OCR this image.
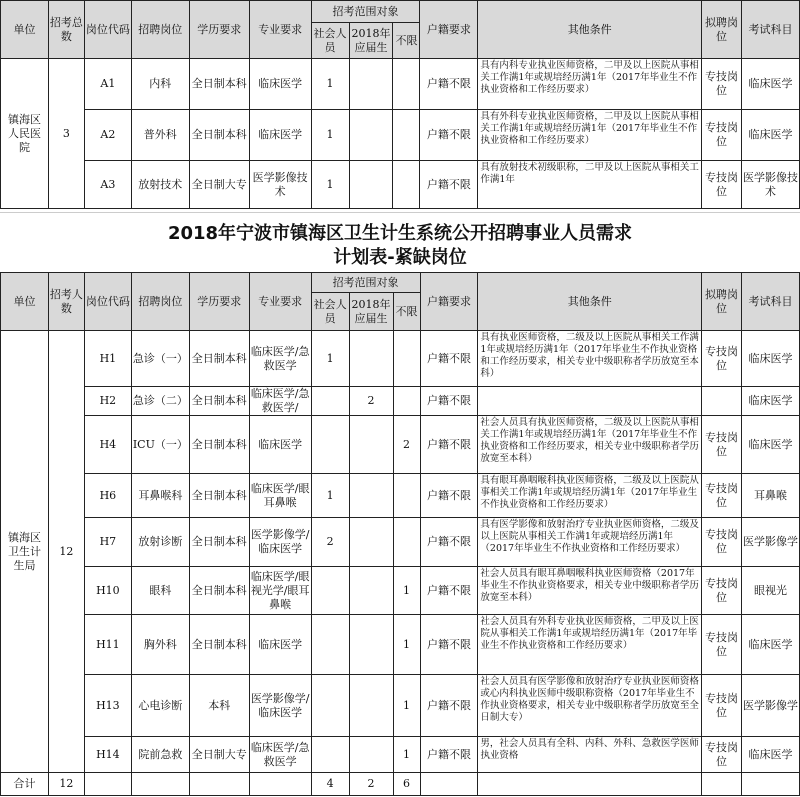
单位	招考总数	岗位代码	招聘岗位	学历要求	专业要求	招考范围对象			户籍要求	其他条件	拟聘岗位	考试科目
						社会人员	2018年应届生	不限				
镇海区人民医院	3	A1	内科	全日制本科	临床医学	1			户籍不限	具有内科专业执业医师资格，二甲及以上医院从事相关工作满1年或规培经历满1年（2017年毕业生不作执业资格和工作经历要求）	专技岗位	临床医学
		A2	普外科	全日制本科	临床医学	1			户籍不限	具有外科专业执业医师资格，二甲及以上医院从事相关工作满1年或规培经历满1年（2017年毕业生不作执业资格和工作经历要求）	专技岗位	临床医学
		A3	放射技术	全日制大专	医学影像技术	1			户籍不限	具有放射技术初级职称，二甲及以上医院从事相关工作满1年	专技岗位	医学影像技术
2018年宁波市镇海区卫生计生系统公开招聘事业人员需求
计划表-紧缺岗位
单位	招考人数	岗位代码	招聘岗位	学历要求	专业要求	招考范围对象			户籍要求	其他条件	拟聘岗位	考试科目
						社会人员	2018年应届生	不限				
镇海区卫生计生局	12	H1	急诊（一）	全日制本科	临床医学/急救医学	1			户籍不限	具有执业医师资格，二级及以上医院从事相关工作满1年或规培经历满1年（2017年毕业生不作执业资格和工作经历要求，相关专业中级职称者学历放宽至本科）	专技岗位	临床医学
		H2	急诊（二）	全日制本科	临床医学/急救医学/		2		户籍不限			临床医学
		H4	ICU（一）	全日制本科	临床医学			2	户籍不限	社会人员具有执业医师资格，二级及以上医院从事相关工作满1年或规培经历满1年（2017年毕业生不作执业资格和工作经历要求，相关专业中级职称者学历放宽至本科）	专技岗位	临床医学
		H6	耳鼻喉科	全日制本科	临床医学/眼耳鼻喉	1			户籍不限	具有眼耳鼻咽喉科执业医师资格，二级及以上医院从事相关工作满1年或规培经历满1年（2017年毕业生不作执业资格和工作经历要求）	专技岗位	耳鼻喉
		H7	放射诊断	全日制本科	医学影像学/临床医学	2			户籍不限	具有医学影像和放射治疗专业执业医师资格，二级及以上医院从事相关工作满1年或规培经历满1年（2017年毕业生不作执业资格和工作经历要求）	专技岗位	医学影像学
		H10	眼科	全日制本科	临床医学/眼视光学/眼耳鼻喉			1	户籍不限	社会人员具有眼耳鼻咽喉科执业医师资格（2017年毕业生不作执业资格要求，相关专业中级职称者学历放宽至本科）	专技岗位	眼视光
		H11	胸外科	全日制本科	临床医学			1	户籍不限	社会人员具有外科专业执业医师资格，二甲及以上医院从事相关工作满1年或规培经历满1年（2017年毕业生不作执业资格和工作经历要求）	专技岗位	临床医学
		H13	心电诊断	本科	医学影像学/临床医学			1	户籍不限	社会人员具有医学影像和放射治疗专业执业医师资格或心内科执业医师中级职称资格（2017年毕业生不作执业资格要求，相关专业中级职称者学历放宽至全日制大专）	专技岗位	医学影像学
		H14	院前急救	全日制大专	临床医学/急救医学			1	户籍不限	男，社会人员具有全科、内科、外科、急救医学医师执业资格	专技岗位	临床医学
合计	12					4	2	6				
